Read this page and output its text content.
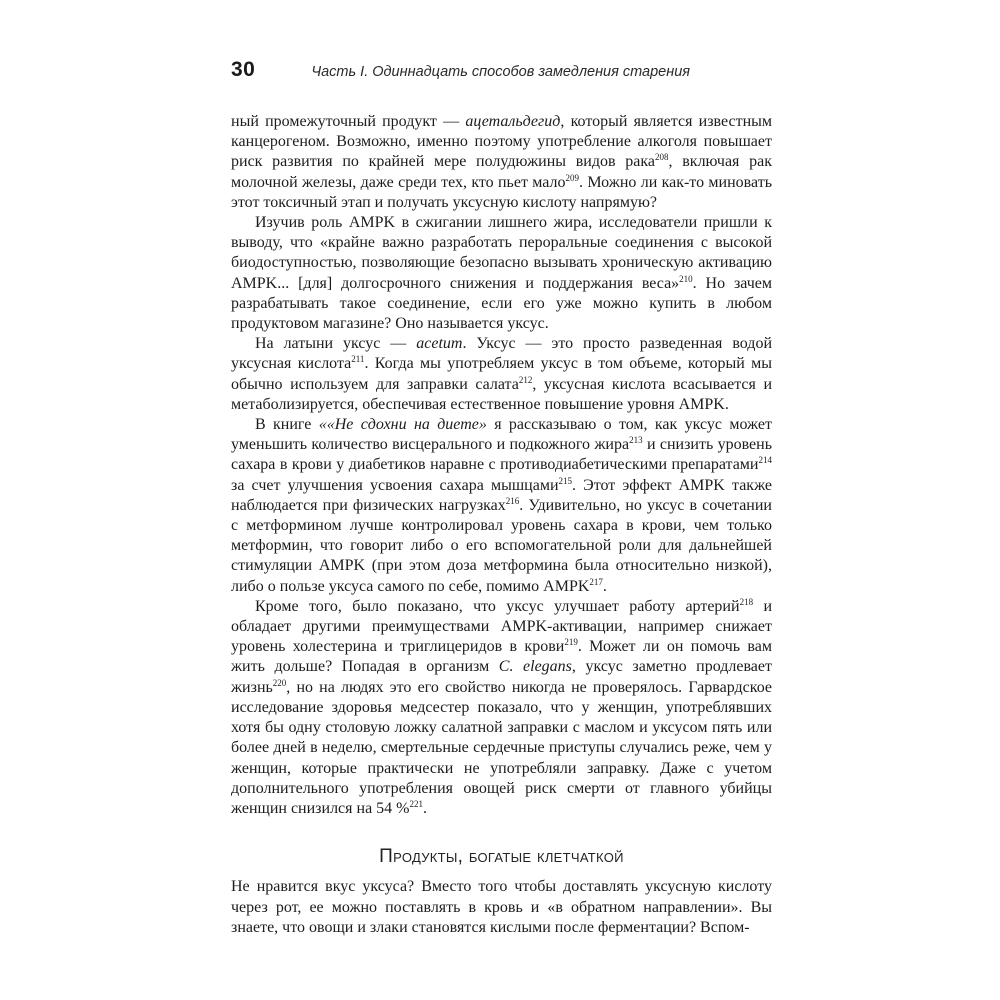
30	Часть I. Одиннадцать способов замедления старения

ный промежуточный продукт — ацетальдегид, который является известным канцерогеном. Возможно, именно поэтому употребление алкоголя повышает риск развития по крайней мере полудюжины видов рака$^{208}$, включая рак молочной железы, даже среди тех, кто пьет мало$^{209}$. Можно ли как-то миновать этот токсичный этап и получать уксусную кислоту напрямую?

Изучив роль AMPK в сжигании лишнего жира, исследователи пришли к выводу, что «крайне важно разработать пероральные соединения с высокой биодоступностью, позволяющие безопасно вызывать хроническую активацию AMPK... [для] долгосрочного снижения и поддержания веса»$^{210}$. Но зачем разрабатывать такое соединение, если его уже можно купить в любом продуктовом магазине? Оно называется уксус.

На латыни уксус — acetum. Уксус — это просто разведенная водой уксусная кислота$^{211}$. Когда мы употребляем уксус в том объеме, который мы обычно используем для заправки салата$^{212}$, уксусная кислота всасывается и метаболизируется, обеспечивая естественное повышение уровня AMPK.

В книге ««Не сдохни на диете» я рассказываю о том, как уксус может уменьшить количество висцерального и подкожного жира$^{213}$ и снизить уровень сахара в крови у диабетиков наравне с противодиабетическими препаратами$^{214}$ за счет улучшения усвоения сахара мышцами$^{215}$. Этот эффект AMPK также наблюдается при физических нагрузках$^{216}$. Удивительно, но уксус в сочетании с метформином лучше контролировал уровень сахара в крови, чем только метформин, что говорит либо о его вспомогательной роли для дальнейшей стимуляции AMPK (при этом доза метформина была относительно низкой), либо о пользе уксуса самого по себе, помимо AMPK$^{217}$.

Кроме того, было показано, что уксус улучшает работу артерий$^{218}$ и обладает другими преимуществами AMPK-активации, например снижает уровень холестерина и триглицеридов в крови$^{219}$. Может ли он помочь вам жить дольше? Попадая в организм C. elegans, уксус заметно продлевает жизнь$^{220}$, но на людях это его свойство никогда не проверялось. Гарвардское исследование здоровья медсестер показало, что у женщин, употреблявших хотя бы одну столовую ложку салатной заправки с маслом и уксусом пять или более дней в неделю, смертельные сердечные приступы случались реже, чем у женщин, которые практически не употребляли заправку. Даже с учетом дополнительного употребления овощей риск смерти от главного убийцы женщин снизился на 54 %$^{221}$.

Продукты, богатые клетчаткой

Не нравится вкус уксуса? Вместо того чтобы доставлять уксусную кислоту через рот, ее можно поставлять в кровь и «в обратном направлении». Вы знаете, что овощи и злаки становятся кислыми после ферментации? Вспом-
